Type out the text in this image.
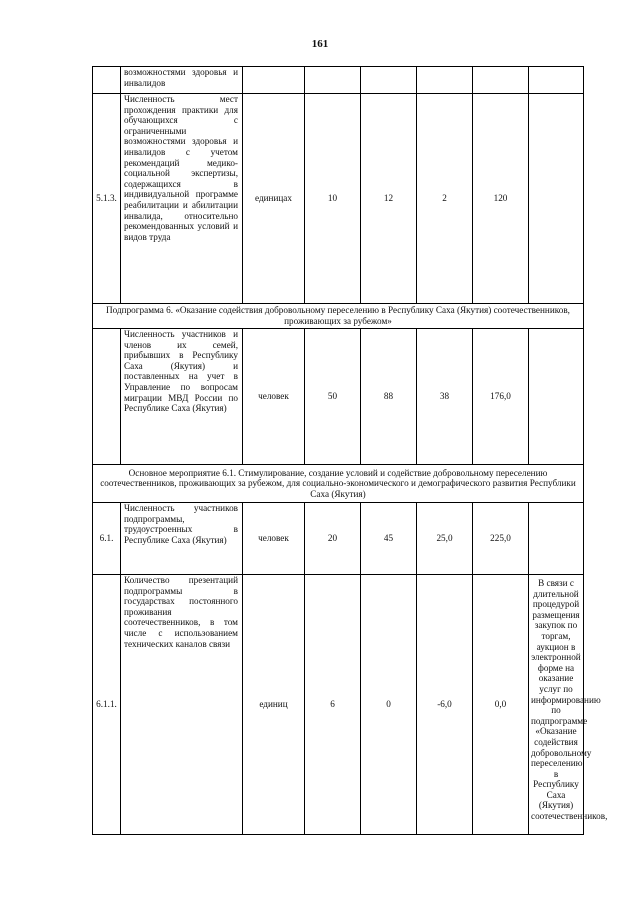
161
	возможностями здоровья и инвалидов						
5.1.3.	Численность мест прохождения практики для обучающихся с ограниченными возможностями здоровья и инвалидов с учетом рекомендаций медико-социальной экспертизы, содержащихся в индивидуальной программе реабилитации и абилитации инвалида, относительно рекомендованных условий и видов труда	единицах	10	12	2	120	
Подпрограмма 6. «Оказание содействия добровольному переселению в Республику Саха (Якутия) соотечественников, проживающих за рубежом»							
	Численность участников и членов их семей, прибывших в Республику Саха (Якутия) и поставленных на учет в Управление по вопросам миграции МВД России по Республике Саха (Якутия)	человек	50	88	38	176,0	
Основное мероприятие 6.1. Стимулирование, создание условий и содействие добровольному переселению соотечественников, проживающих за рубежом, для социально-экономического и демографического развития Республики Саха (Якутия)							
6.1.	Численность участников подпрограммы, трудоустроенных в Республике Саха (Якутия)	человек	20	45	25,0	225,0	
6.1.1.	Количество презентаций подпрограммы в государствах постоянного проживания соотечественников, в том числе с использованием технических каналов связи	единиц	6	0	-6,0	0,0	В связи с длительной процедурой размещения закупок по торгам, аукцион в электронной форме на оказание услуг по информированию по подпрограмме «Оказание содействия добровольному переселению в Республику Саха (Якутия) соотечественников,
